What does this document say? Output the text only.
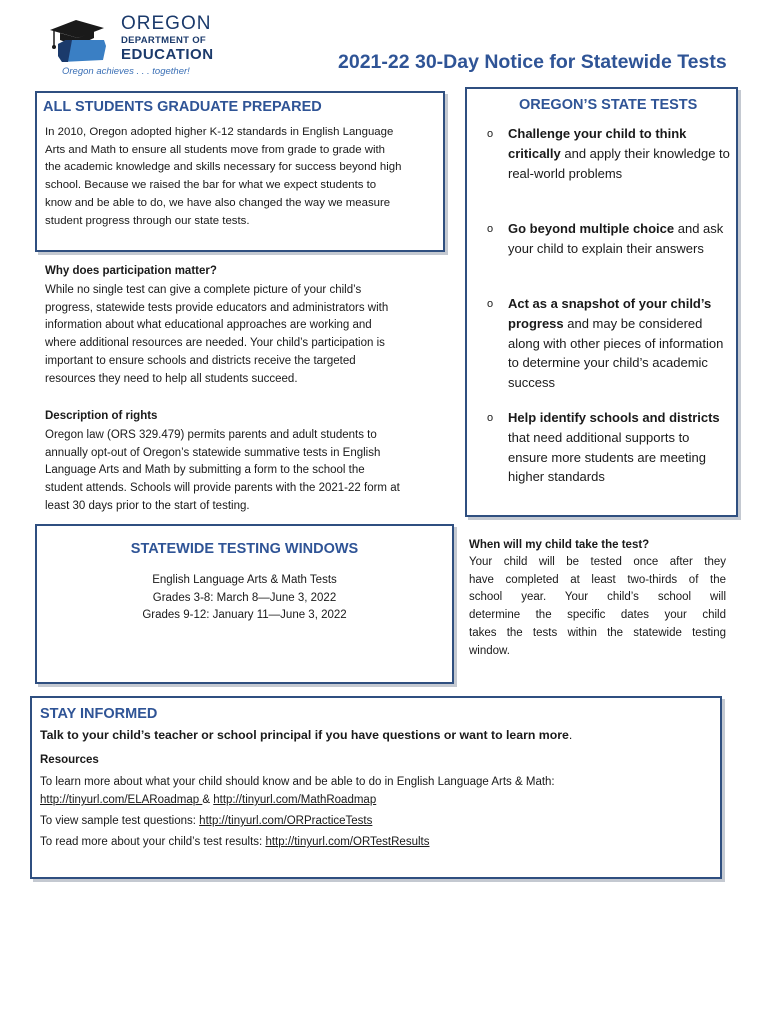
OREGON
DEPARTMENT OF
EDUCATION
Oregon achieves . . . together!	2021-22 30-Day Notice for Statewide Tests
ALL STUDENTS GRADUATE PREPARED
In 2010, Oregon adopted higher K-12 standards in English Language
Arts and Math to ensure all students move from grade to grade with
the academic knowledge and skills necessary for success beyond high
school. Because we raised the bar for what we expect students to
know and be able to do, we have also changed the way we measure
student progress through our state tests.
Why does participation matter?
While no single test can give a complete picture of your child’s
progress, statewide tests provide educators and administrators with
information about what educational approaches are working and
where additional resources are needed. Your child’s participation is
important to ensure schools and districts receive the targeted
resources they need to help all students succeed.
Description of rights
Oregon law (ORS 329.479) permits parents and adult students to
annually opt-out of Oregon’s statewide summative tests in English
Language Arts and Math by submitting a form to the school the
student attends. Schools will provide parents with the 2021-22 form at
least 30 days prior to the start of testing.
OREGON’S STATE TESTS
o Challenge your child to think critically and apply their knowledge to real-world problems
o Go beyond multiple choice and ask your child to explain their answers
o Act as a snapshot of your child’s progress and may be considered along with other pieces of information to determine your child’s academic success
o Help identify schools and districts that need additional supports to ensure more students are meeting higher standards
STATEWIDE TESTING WINDOWS
English Language Arts & Math Tests
Grades 3-8: March 8—June 3, 2022
Grades 9-12: January 11—June 3, 2022
When will my child take the test?
Your child will be tested once after they
have completed at least two-thirds of the
school year. Your child’s school will
determine the specific dates your child
takes the tests within the statewide testing
window.
STAY INFORMED
Talk to your child’s teacher or school principal if you have questions or want to learn more.
Resources
To learn more about what your child should know and be able to do in English Language Arts & Math:
http://tinyurl.com/ELARoadmap & http://tinyurl.com/MathRoadmap
To view sample test questions: http://tinyurl.com/ORPracticeTests
To read more about your child’s test results: http://tinyurl.com/ORTestResults
